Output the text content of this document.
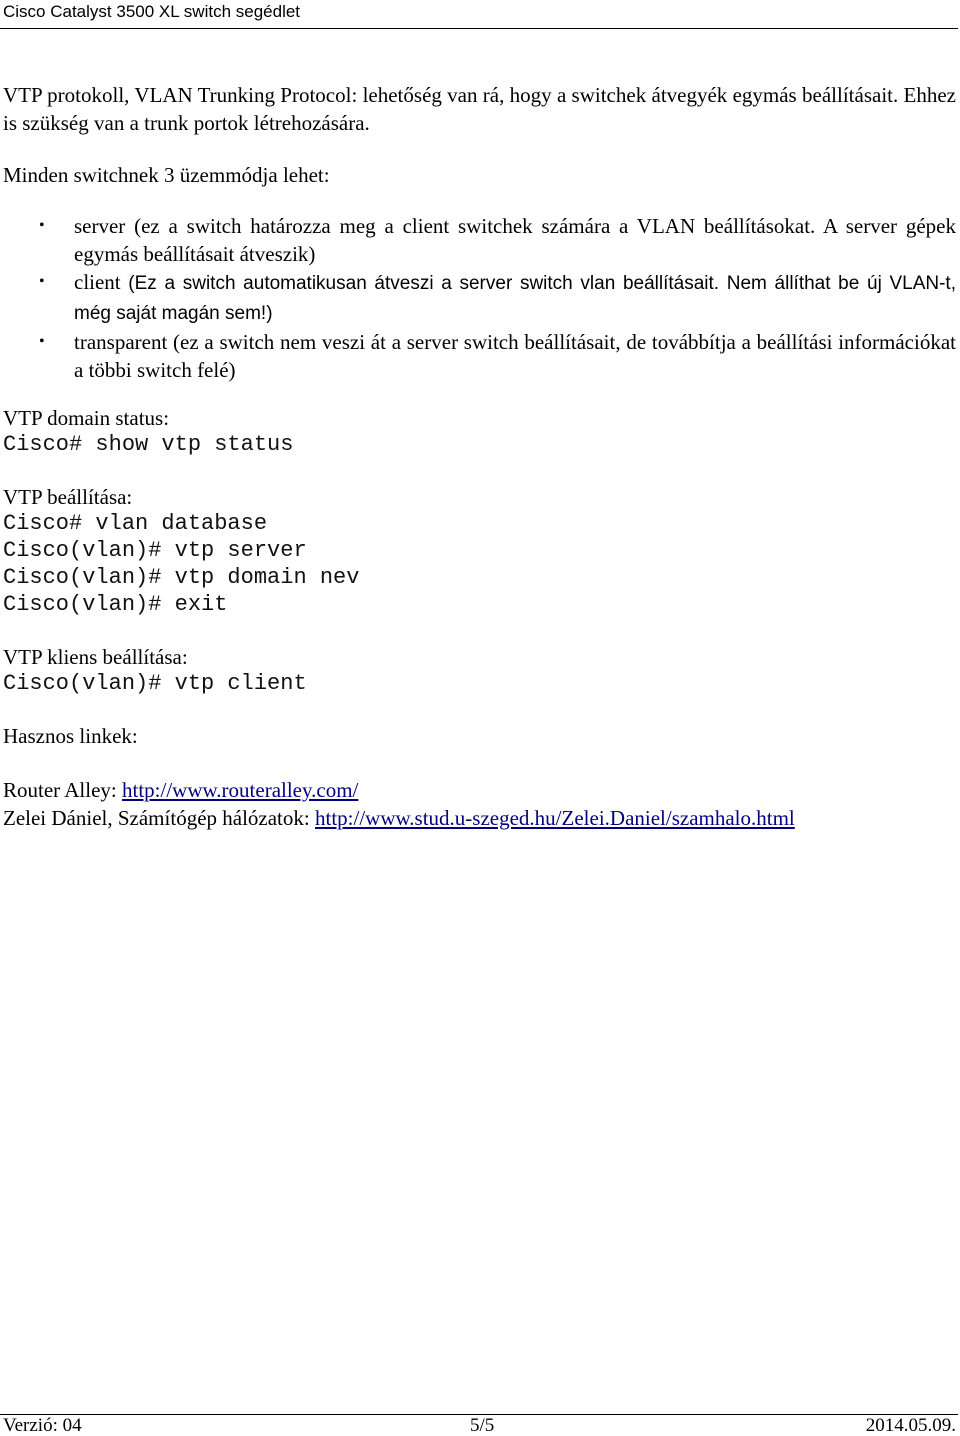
Cisco Catalyst 3500 XL switch segédlet

VTP protokoll, VLAN Trunking Protocol: lehetőség van rá, hogy a switchek átvegyék egymás beállításait. Ehhez is szükség van a trunk portok létrehozására.

Minden switchnek 3 üzemmódja lehet:

• server (ez a switch határozza meg a client switchek számára a VLAN beállításokat. A server gépek egymás beállításait átveszik)
• client (Ez a switch automatikusan átveszi a server switch vlan beállításait. Nem állíthat be új VLAN-t, még saját magán sem!)
• transparent (ez a switch nem veszi át a server switch beállításait, de továbbítja a beállítási információkat a többi switch felé)

VTP domain status:

Cisco# show vtp status

VTP beállítása:

Cisco# vlan database
Cisco(vlan)# vtp server
Cisco(vlan)# vtp domain nev
Cisco(vlan)# exit

VTP kliens beállítása:

Cisco(vlan)# vtp client

Hasznos linkek:

Router Alley: http://www.routeralley.com/

Zelei Dániel, Számítógép hálózatok: http://www.stud.u-szeged.hu/Zelei.Daniel/szamhalo.html

Verzió: 04	5/5	2014.05.09.
